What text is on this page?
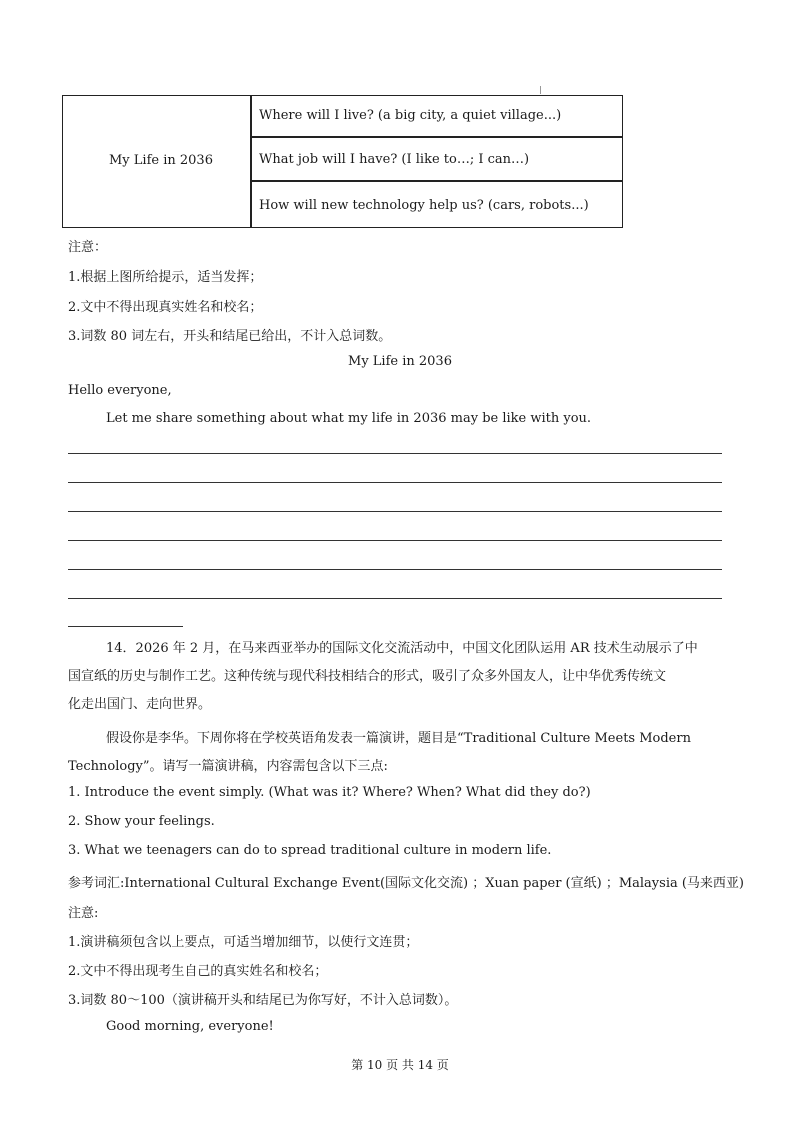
My Life in 2036
Where will I live? (a big city, a quiet village...)
What job will I have? (I like to…; I can…)
How will new technology help us? (cars, robots...)
注意：
1.根据上图所给提示，适当发挥；
2.文中不得出现真实姓名和校名；
3.词数 80 词左右，开头和结尾已给出，不计入总词数。
My Life in 2036
Hello everyone,
Let me share something about what my life in 2036 may be like with you.
14．2026 年 2 月，在马来西亚举办的国际文化交流活动中，中国文化团队运用 AR 技术生动展示了中
国宣纸的历史与制作工艺。这种传统与现代科技相结合的形式，吸引了众多外国友人，让中华优秀传统文
化走出国门、走向世界。
假设你是李华。下周你将在学校英语角发表一篇演讲，题目是“Traditional Culture Meets Modern
Technology”。请写一篇演讲稿，内容需包含以下三点:
1. Introduce the event simply. (What was it? Where? When? What did they do?)
2. Show your feelings.
3. What we teenagers can do to spread traditional culture in modern life.
参考词汇:International Cultural Exchange Event(国际文化交流) ；Xuan paper (宣纸) ；Malaysia (马来西亚)
注意:
1.演讲稿须包含以上要点，可适当增加细节，以使行文连贯；
2.文中不得出现考生自己的真实姓名和校名；
3.词数 80～100（演讲稿开头和结尾已为你写好，不计入总词数）。
Good morning, everyone!
第 10 页 共 14 页
